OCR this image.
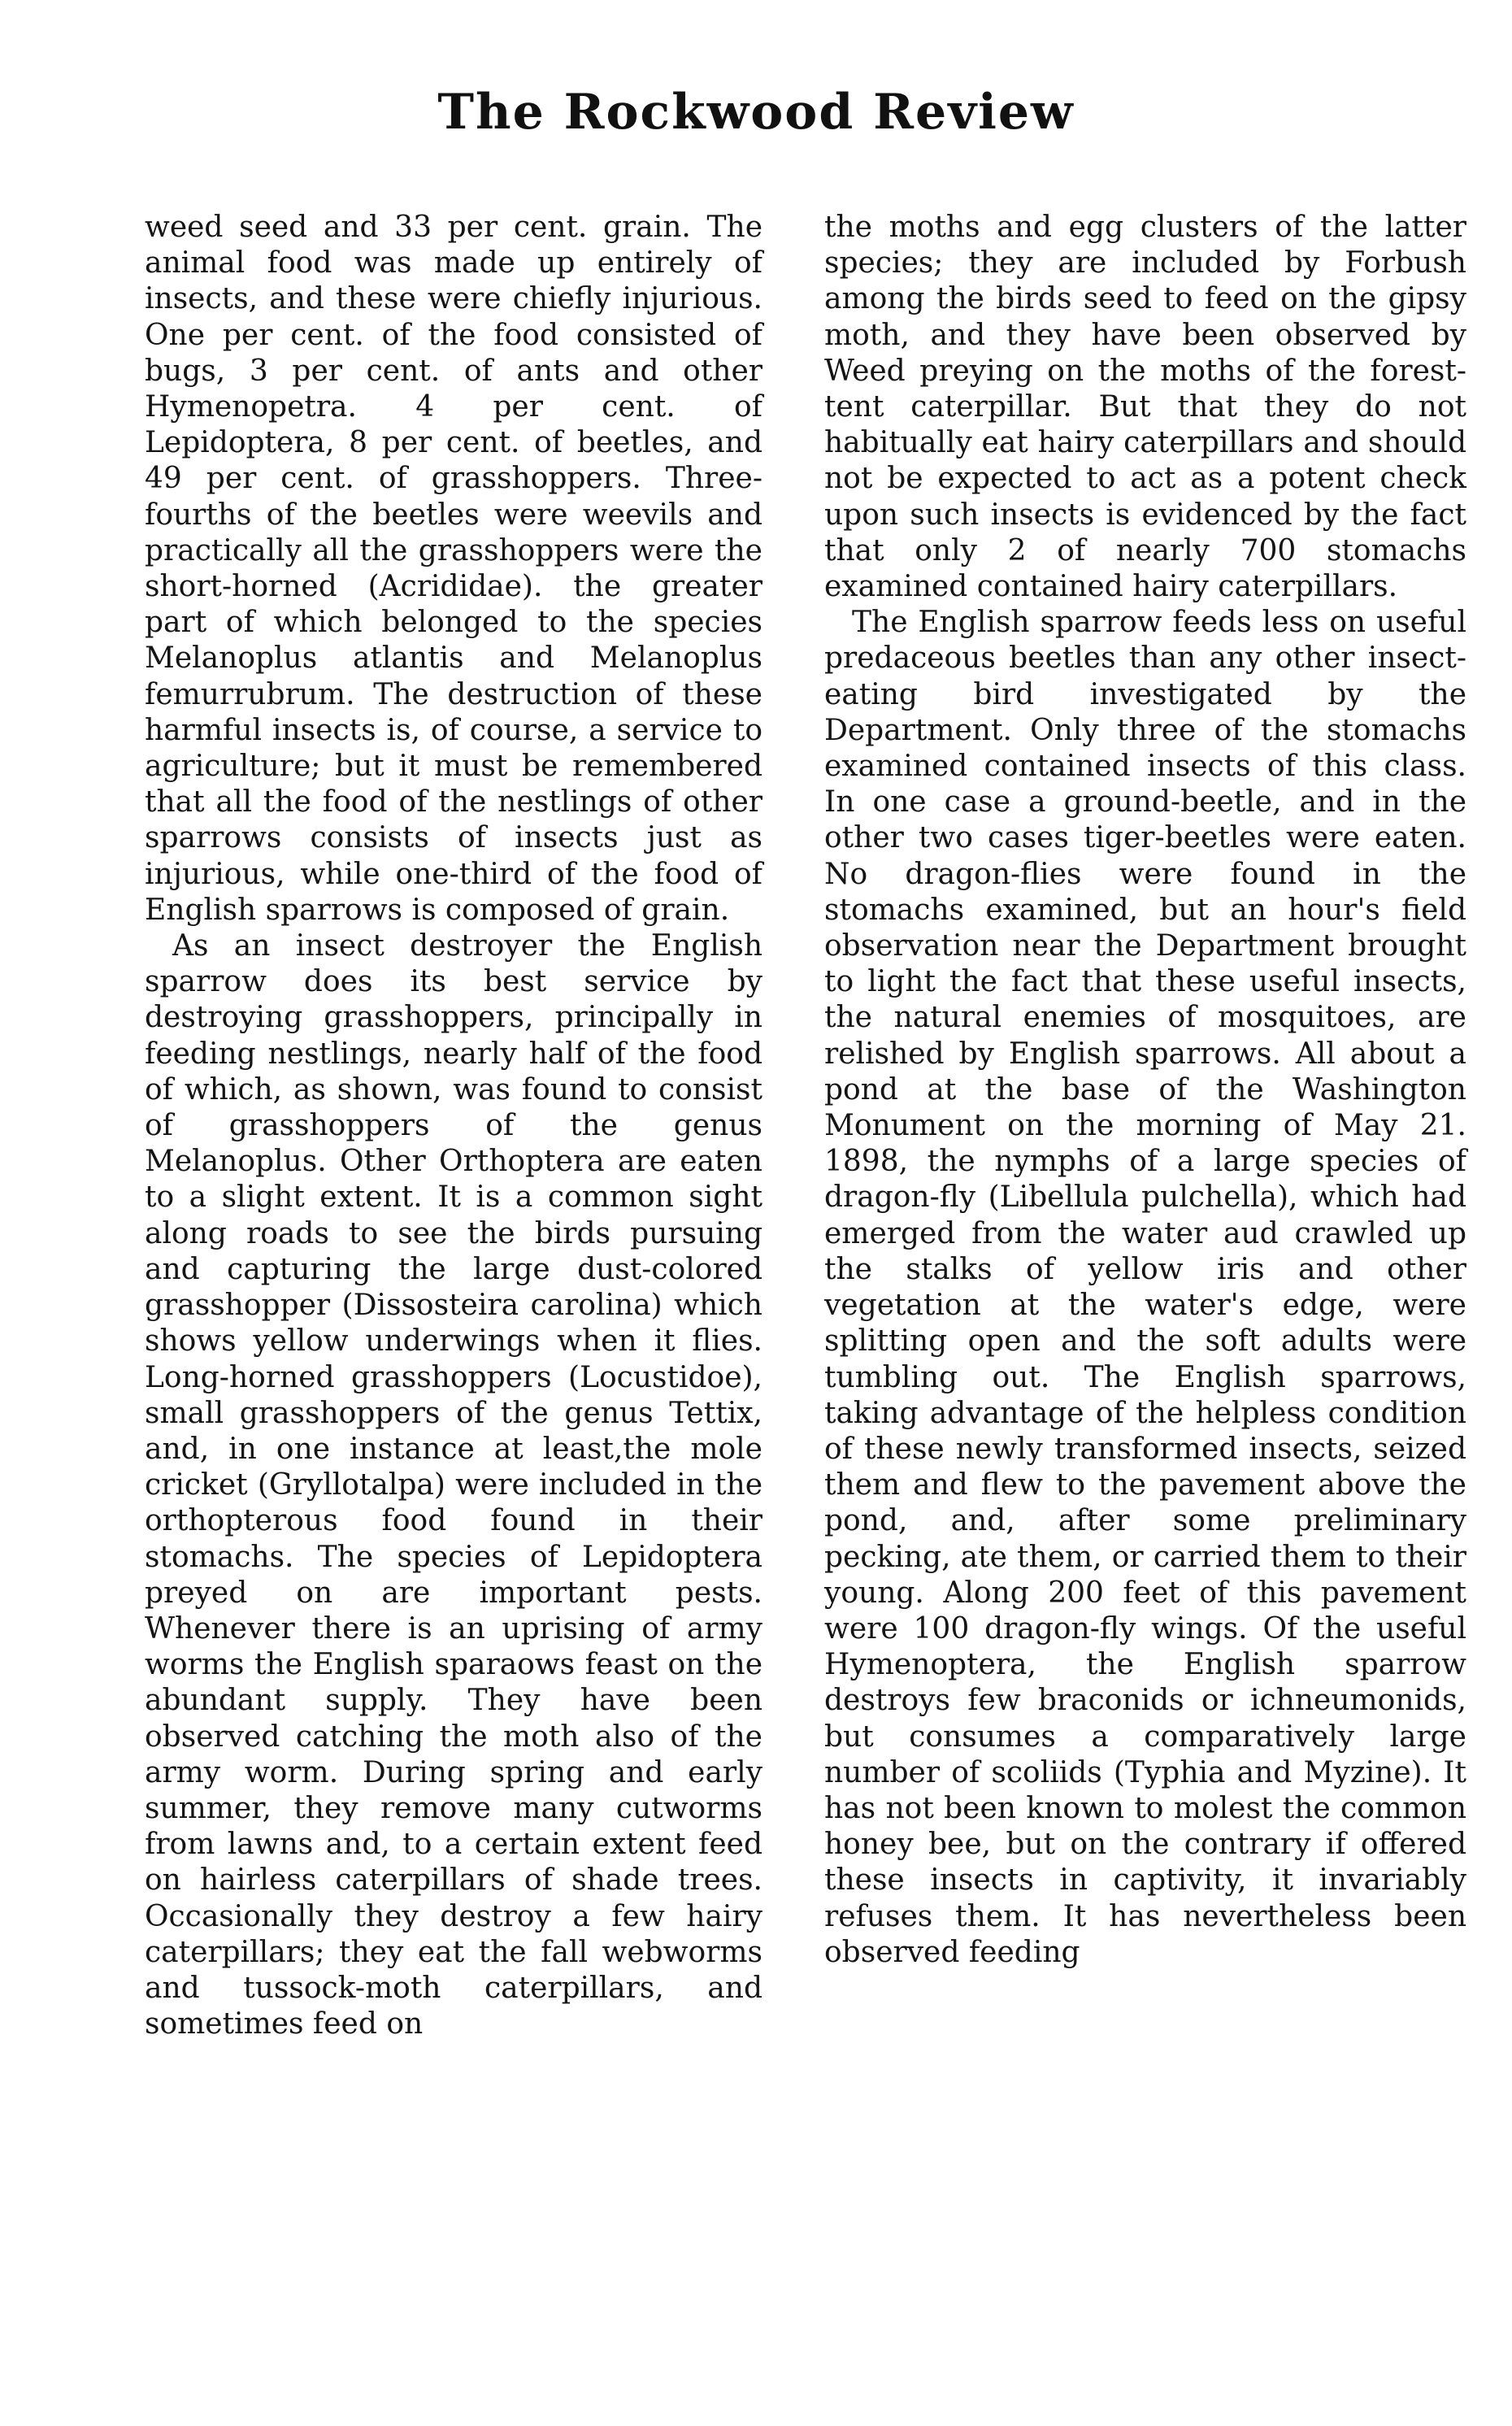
The Rockwood Review

weed seed and 33 per cent. grain. The animal food was made up entirely of insects, and these were chiefly injurious. One per cent. of the food consisted of bugs, 3 per cent. of ants and other Hymenopetra. 4 per cent. of Lepidoptera, 8 per cent. of beetles, and 49 per cent. of grasshoppers. Three-fourths of the beetles were weevils and practically all the grasshoppers were the short-horned (Acrididae). the greater part of which belonged to the species Melanoplus atlantis and Melanoplus femurrubrum. The destruction of these harmful insects is, of course, a service to agriculture; but it must be remembered that all the food of the nestlings of other sparrows consists of insects just as injurious, while one-third of the food of English sparrows is composed of grain.

As an insect destroyer the English sparrow does its best service by destroying grasshoppers, principally in feeding nestlings, nearly half of the food of which, as shown, was found to consist of grasshoppers of the genus Melanoplus. Other Orthoptera are eaten to a slight extent. It is a common sight along roads to see the birds pursuing and capturing the large dust-colored grasshopper (Dissosteira carolina) which shows yellow underwings when it flies. Long-horned grasshoppers (Locustidoe), small grasshoppers of the genus Tettix, and, in one instance at least,the mole cricket (Gryllotalpa) were included in the orthopterous food found in their stomachs. The species of Lepidoptera preyed on are important pests. Whenever there is an uprising of army worms the English sparaows feast on the abundant supply. They have been observed catching the moth also of the army worm. During spring and early summer, they remove many cutworms from lawns and, to a certain extent feed on hairless caterpillars of shade trees. Occasionally they destroy a few hairy caterpillars; they eat the fall webworms and tussock-moth caterpillars, and sometimes feed on

the moths and egg clusters of the latter species; they are included by Forbush among the birds seed to feed on the gipsy moth, and they have been observed by Weed preying on the moths of the forest-tent caterpillar. But that they do not habitually eat hairy caterpillars and should not be expected to act as a potent check upon such insects is evidenced by the fact that only 2 of nearly 700 stomachs examined contained hairy caterpillars.

The English sparrow feeds less on useful predaceous beetles than any other insect-eating bird investigated by the Department. Only three of the stomachs examined contained insects of this class. In one case a ground-beetle, and in the other two cases tiger-beetles were eaten. No dragon-flies were found in the stomachs examined, but an hour's field observation near the Department brought to light the fact that these useful insects, the natural enemies of mosquitoes, are relished by English sparrows. All about a pond at the base of the Washington Monument on the morning of May 21. 1898, the nymphs of a large species of dragon-fly (Libellula pulchella), which had emerged from the water aud crawled up the stalks of yellow iris and other vegetation at the water's edge, were splitting open and the soft adults were tumbling out. The English sparrows, taking advantage of the helpless condition of these newly transformed insects, seized them and flew to the pavement above the pond, and, after some preliminary pecking, ate them, or carried them to their young. Along 200 feet of this pavement were 100 dragon-fly wings. Of the useful Hymenoptera, the English sparrow destroys few braconids or ichneumonids, but consumes a comparatively large number of scoliids (Typhia and Myzine). It has not been known to molest the common honey bee, but on the contrary if offered these insects in captivity, it invariably refuses them. It has nevertheless been observed feeding
